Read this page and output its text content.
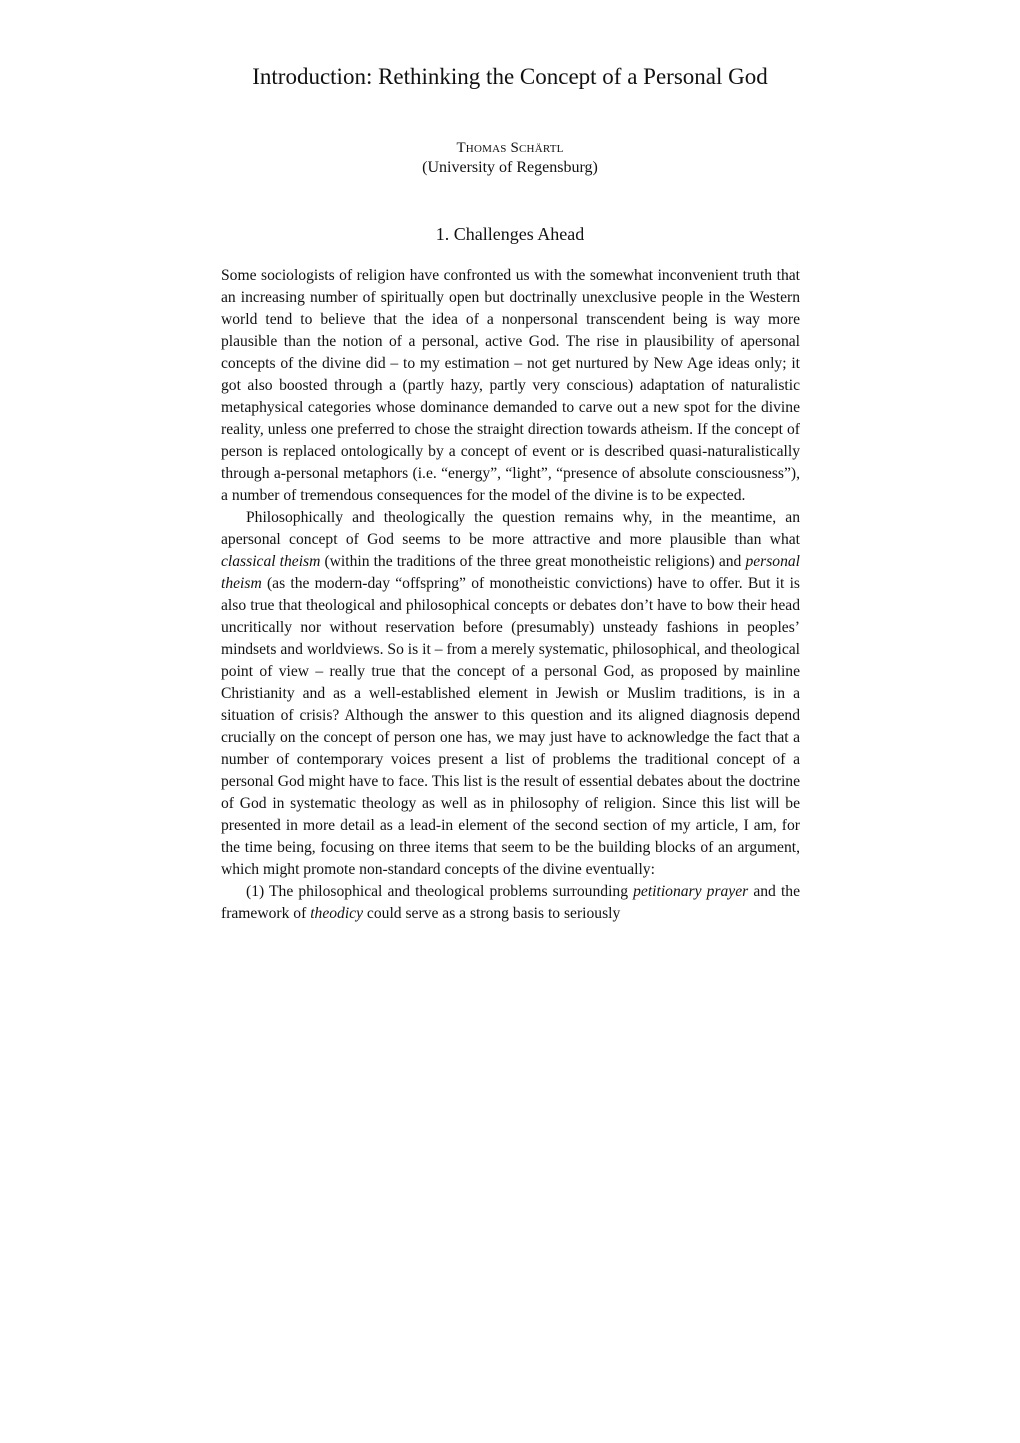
Introduction: Rethinking the Concept of a Personal God
Thomas Schärtl
(University of Regensburg)
1. Challenges Ahead

Some sociologists of religion have confronted us with the somewhat inconvenient truth that an increasing number of spiritually open but doctrinally unexclusive people in the Western world tend to believe that the idea of a nonpersonal transcendent being is way more plausible than the notion of a personal, active God. The rise in plausibility of apersonal concepts of the divine did – to my estimation – not get nurtured by New Age ideas only; it got also boosted through a (partly hazy, partly very conscious) adaptation of naturalistic metaphysical categories whose dominance demanded to carve out a new spot for the divine reality, unless one preferred to chose the straight direction towards atheism. If the concept of person is replaced ontologically by a concept of event or is described quasi-naturalistically through a-personal metaphors (i.e. “energy”, “light”, “presence of absolute consciousness”), a number of tremendous consequences for the model of the divine is to be expected.

Philosophically and theologically the question remains why, in the meantime, an apersonal concept of God seems to be more attractive and more plausible than what classical theism (within the traditions of the three great monotheistic religions) and personal theism (as the modern-day “offspring” of monotheistic convictions) have to offer. But it is also true that theological and philosophical concepts or debates don’t have to bow their head uncritically nor without reservation before (presumably) unsteady fashions in peoples’ mindsets and worldviews. So is it – from a merely systematic, philosophical, and theological point of view – really true that the concept of a personal God, as proposed by mainline Christianity and as a well-established element in Jewish or Muslim traditions, is in a situation of crisis? Although the answer to this question and its aligned diagnosis depend crucially on the concept of person one has, we may just have to acknowledge the fact that a number of contemporary voices present a list of problems the traditional concept of a personal God might have to face. This list is the result of essential debates about the doctrine of God in systematic theology as well as in philosophy of religion. Since this list will be presented in more detail as a lead-in element of the second section of my article, I am, for the time being, focusing on three items that seem to be the building blocks of an argument, which might promote non-standard concepts of the divine eventually:

(1) The philosophical and theological problems surrounding petitionary prayer and the framework of theodicy could serve as a strong basis to seriously
